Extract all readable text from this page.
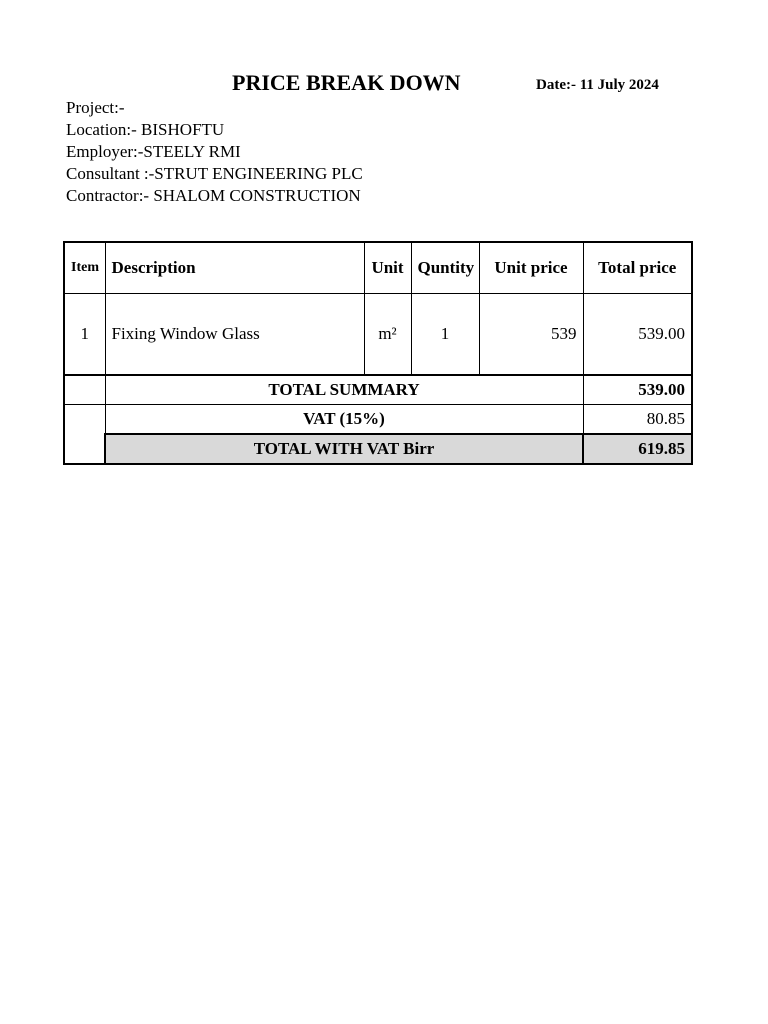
PRICE BREAK DOWN	Date:- 11 July 2024
Project:-
Location:- BISHOFTU
Employer:-STEELY RMI
Consultant :-STRUT ENGINEERING PLC
Contractor:- SHALOM CONSTRUCTION
Item	Description	Unit	Quntity	Unit price	Total price
1	Fixing Window Glass	m²	1	539	539.00
	TOTAL SUMMARY				539.00
	VAT (15%)				80.85
	TOTAL WITH VAT Birr				619.85
